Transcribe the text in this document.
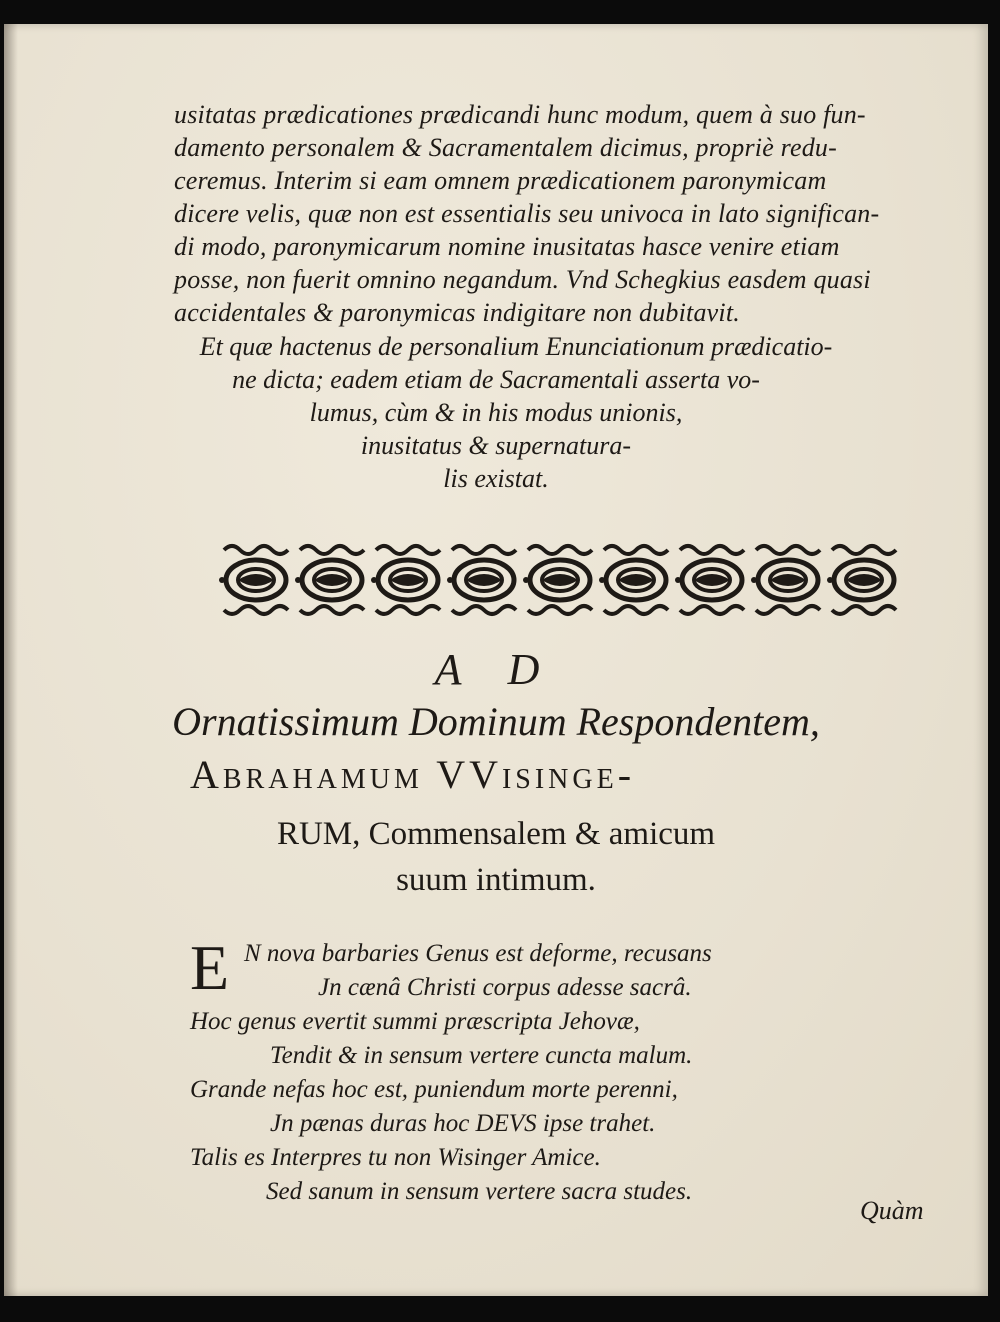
usitatas prædicationes prædicandi hunc modum, quem à suo fun-
damento personalem & Sacramentalem dicimus, propriè redu-
ceremus. Interim si eam omnem prædicationem paronymicam
dicere velis, quæ non est essentialis seu univoca in lato significan-
di modo, paronymicarum nomine inusitatas hasce venire etiam
posse, non fuerit omnino negandum. Vnd Schegkius easdem quasi
accidentales & paronymicas indigitare non dubitavit.
Et quæ hactenus de personalium Enunciationum prædicatio-
ne dicta; eadem etiam de Sacramentali asserta vo-
lumus, cùm & in his modus unionis,
inusitatus & supernatura-
lis existat.
A D
Ornatissimum Dominum Respondentem,
Abrahamum VVisinge-
RUM, Commensalem & amicum
suum intimum.
E N nova barbaries Genus est deforme, recusans
Jn cænâ Christi corpus adesse sacrâ.
Hoc genus evertit summi præscripta Jehovæ,
Tendit & in sensum vertere cuncta malum.
Grande nefas hoc est, puniendum morte perenni,
Jn pænas duras hoc DEVS ipse trahet.
Talis es Interpres tu non Wisinger Amice.
Sed sanum in sensum vertere sacra studes.
Quàm
